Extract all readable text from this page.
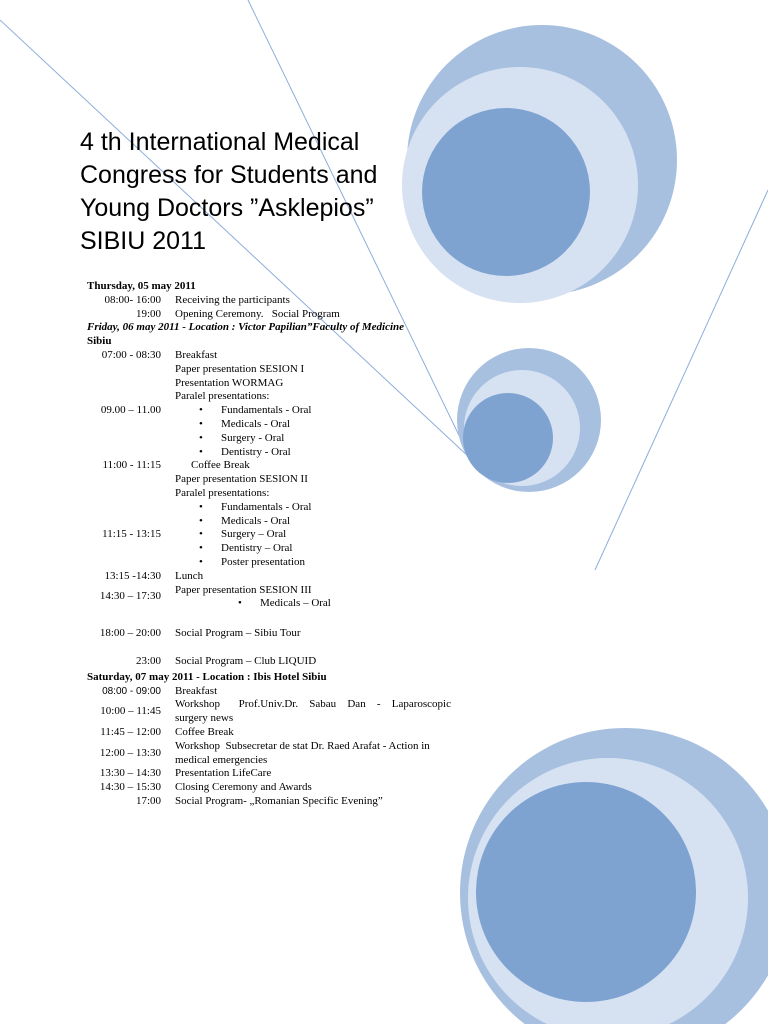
4 th International Medical
Congress for Students and
Young Doctors ”Asklepios”
SIBIU 2011
Thursday, 05 may 2011
08:00- 16:00	Receiving the participants
19:00	Opening Ceremony.   Social Program
Friday, 06 may 2011 - Location : Victor Papilian”Faculty of Medicine
Sibiu
07:00 - 08:30	Breakfast
Paper presentation SESION I
Presentation WORMAG
Paralel presentations:
09.00 – 11.00
•	Fundamentals - Oral
• Medicals - Oral
• Surgery - Oral
• Dentistry - Oral
11:00 - 11:15	Coffee Break
Paper presentation SESION II
Paralel presentations:
11:15 - 13:15
• Fundamentals - Oral
• Medicals - Oral
• Surgery – Oral
• Dentistry – Oral
• Poster presentation
13:15 -14:30	Lunch
14:30 – 17:30
Paper presentation SESION III
• Medicals – Oral
18:00 – 20:00	Social Program – Sibiu Tour
23:00	Social Program – Club LIQUID
Saturday, 07 may 2011 - Location : Ibis Hotel Sibiu
08:00 - 09:00	Breakfast
10:00 – 11:45
Workshop     Prof.Univ.Dr.   Sabau   Dan   -   Laparoscopic
surgery news
11:45 – 12:00	Coffee Break
12:00 – 13:30
Workshop  Subsecretar de stat Dr. Raed Arafat - Action in
medical emergencies
13:30 – 14:30	Presentation LifeCare
14:30 – 15:30	Closing Ceremony and Awards
17:00	Social Program- „Romanian Specific Evening”
